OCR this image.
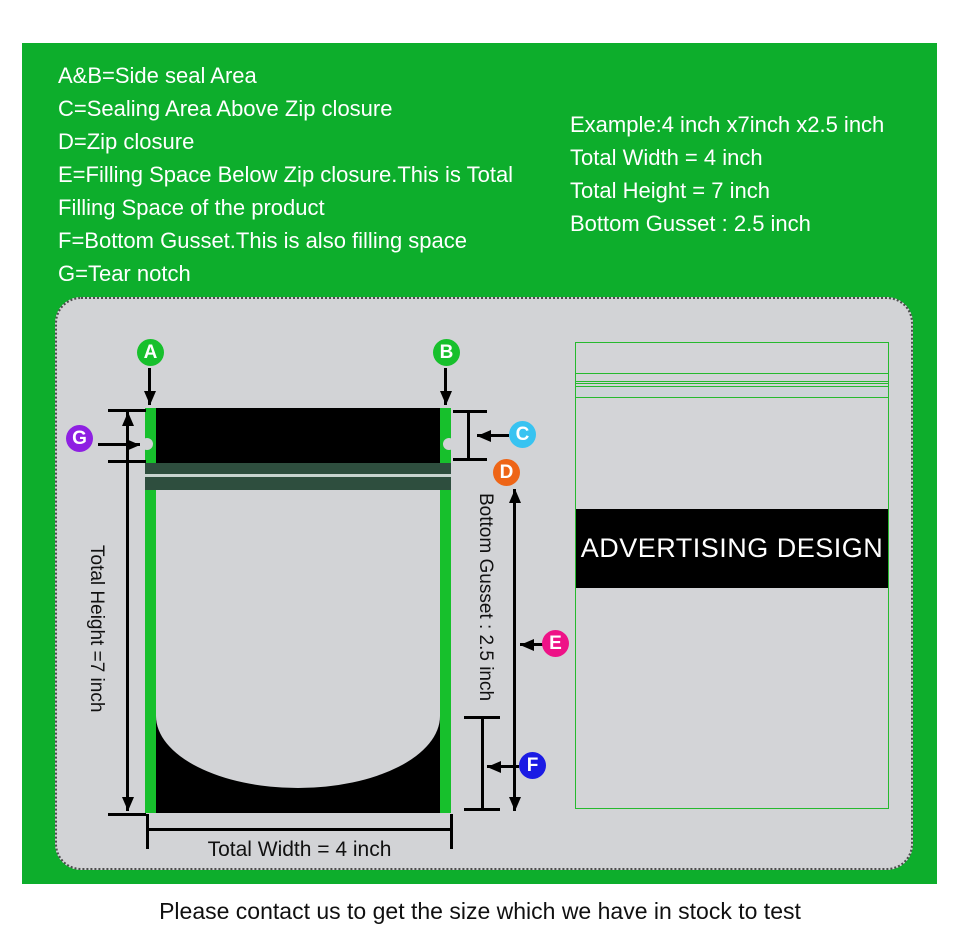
A&B=Side seal Area
C=Sealing Area Above Zip closure
D=Zip closure
E=Filling Space Below Zip closure.This is Total
Filling Space of the product
F=Bottom Gusset.This is also filling space
G=Tear notch
Example:4 inch x7inch x2.5 inch
Total Width = 4 inch
Total Height = 7 inch
Bottom Gusset : 2.5 inch
Total Height =7 inch	Bottom Gusset : 2.5 inch
Total Width = 4 inch
A	B
C
D
E
F
G
ADVERTISING DESIGN
Please contact us to get the size which we have in stock to test
